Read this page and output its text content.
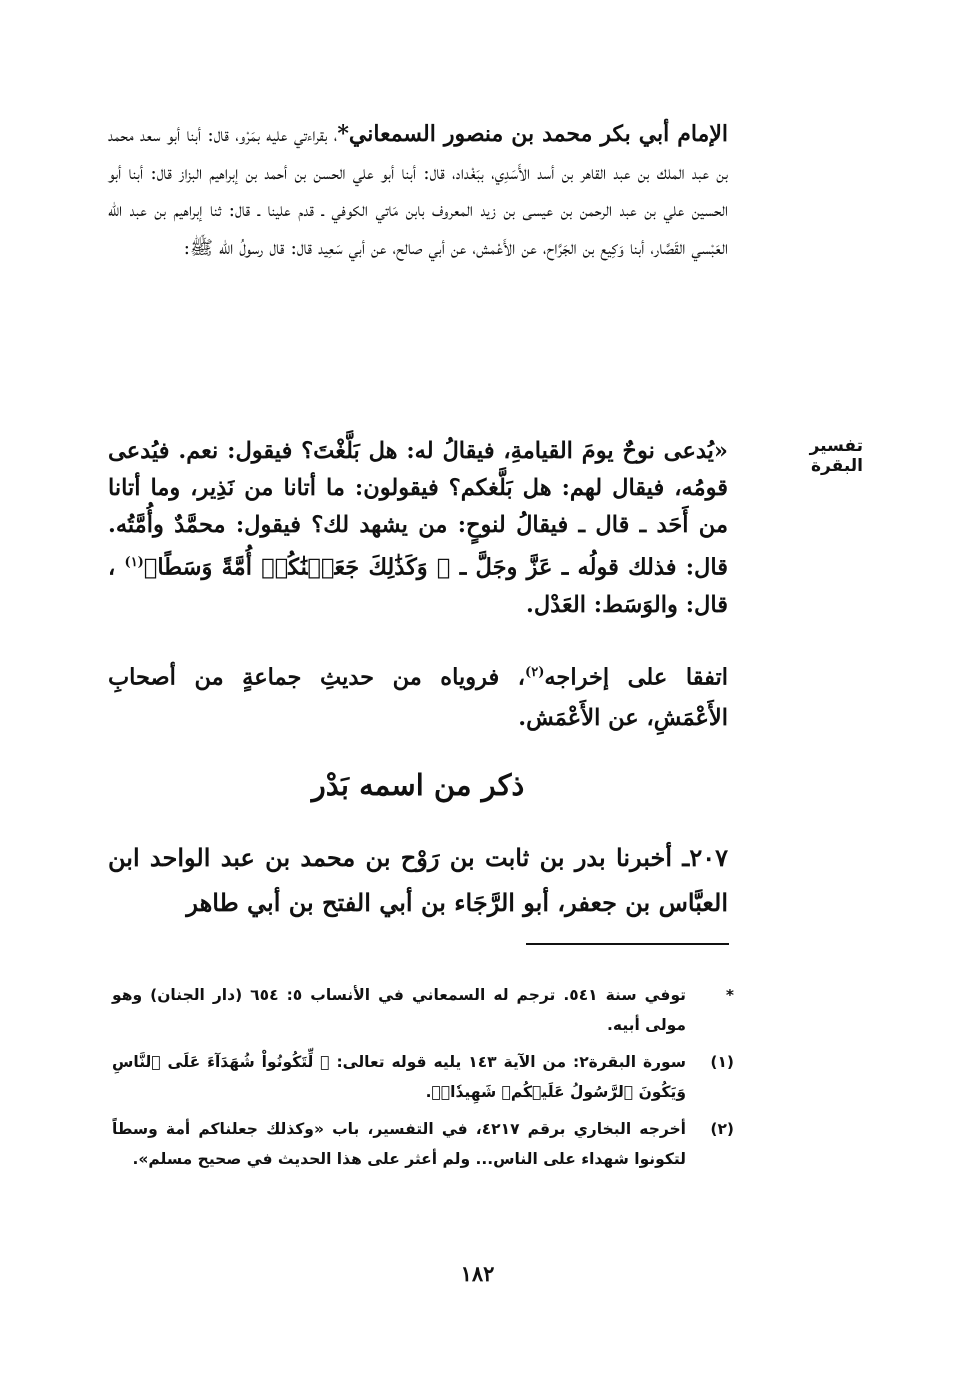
الإمام أبي بكر محمد بن منصور السمعاني*، بقراءتي عليه بمَرْو، قال: أبنا أبو سعد محمد بن عبد الملك بن عبد القاهر بن أسد الأَسَدِي، ببَغْداد، قال: أبنا أبو علي الحسن بن أحمد بن إبراهيم البزاز قال: أبنا أبو الحسين علي بن عبد الرحمن بن عيسى بن زيد المعروف بابن مَاتي الكوفي ـ قدم علينا ـ قال: ثنا إبراهيم بن عبد الله العَبْسي القَصَّار، أبنا وَكِيع بن الجَرَّاح، عن الأَعْمش، عن أبي صالح، عن أبي سَعِيد قال: قال رسولُ الله ﷺ:
تفسير البقرة
«يُدعى نوحٌ يومَ القيامةِ، فيقالُ له: هل بَلَّغْتَ؟ فيقول: نعم. فيُدعى قومُه، فيقال لهم: هل بَلَّغكم؟ فيقولون: ما أتانا من نَذِير، وما أتانا من أَحَد ـ قال ـ فيقالُ لنوحٍ: من يشهد لك؟ فيقول: محمَّدٌ وأُمَّتُه. قال: فذلك قولُه ـ عَزَّ وجَلَّ ـ ﴿ وَكَذَٰلِكَ جَعَلۡنَٰكُمۡ أُمَّةً وَسَطًا﴾$^{(١)}$ ، قال: والوَسَط: العَدْل.
اتفقا على إخراجه$^{(٢)}$، فروياه من حديثِ جماعةٍ من أصحابِ الأَعْمَشِ، عن الأَعْمَش.
ذكر من اسمه بَدْر
٢٠٧ـ أخبرنا بدر بن ثابت بن رَوْح بن محمد بن عبد الواحد ابن العبَّاس بن جعفر، أبو الرَّجَاء بن أبي الفتح بن أبي طاهر
*
توفي سنة ٥٤١. ترجم له السمعاني في الأنساب ٥: ٦٥٤ (دار الجنان) وهو مولى أبيه.
(١)
سورة البقرة٢: من الآية ١٤٣ يليه قوله تعالى: ﴿ لِّتَكُونُواْ شُهَدَآءَ عَلَى ٱلنَّاسِ وَيَكُونَ ٱلرَّسُولُ عَلَيۡكُمۡ شَهِيدٗاۗ﴾.
(٢)
أخرجه البخاري برقم ٤٢١٧، في التفسير، باب «وكذلك جعلناكم أمة وسطاً لتكونوا شهداء على الناس... ولم أعثر على هذا الحديث في صحيح مسلم».
١٨٢
